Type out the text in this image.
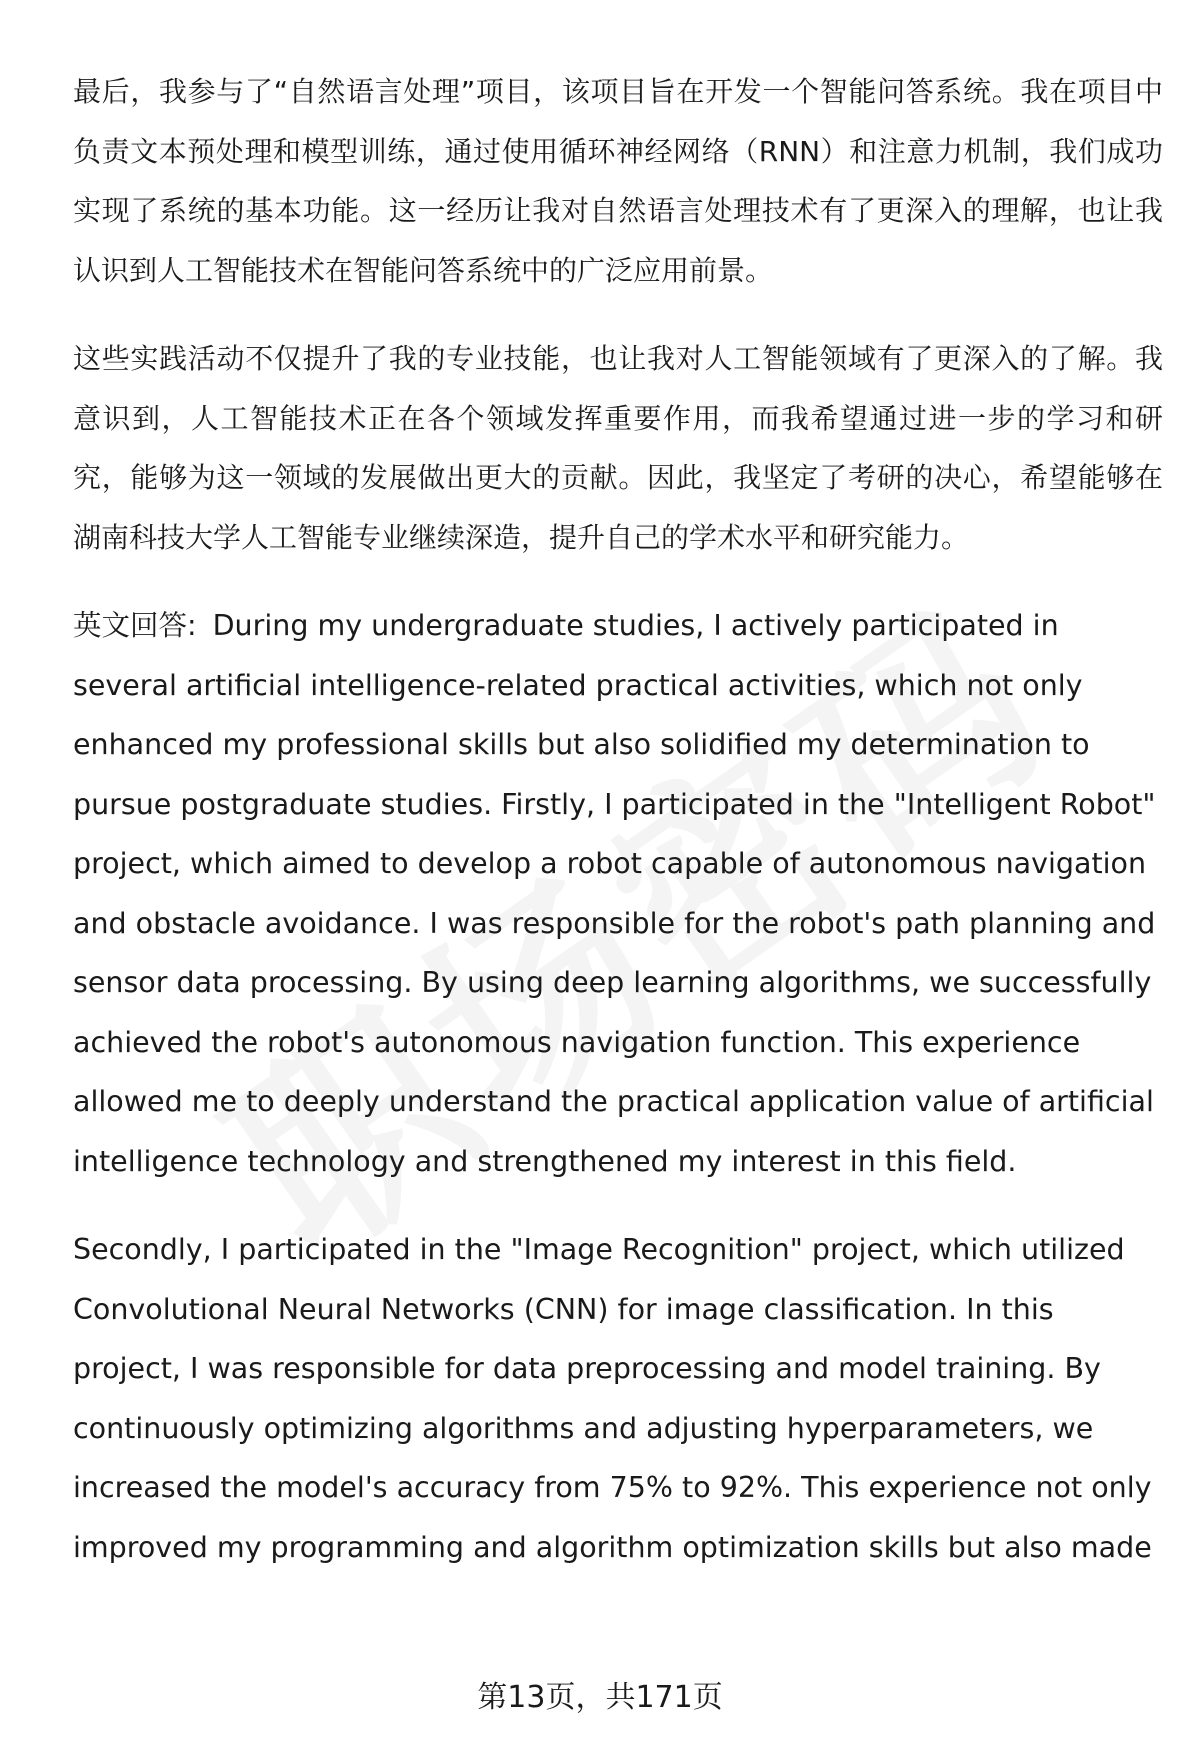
最后，我参与了“自然语言处理”项目，该项目旨在开发一个智能问答系统。我在项目中负责文本预处理和模型训练，通过使用循环神经网络（RNN）和注意力机制，我们成功实现了系统的基本功能。这一经历让我对自然语言处理技术有了更深入的理解，也让我认识到人工智能技术在智能问答系统中的广泛应用前景。

这些实践活动不仅提升了我的专业技能，也让我对人工智能领域有了更深入的了解。我意识到，人工智能技术正在各个领域发挥重要作用，而我希望通过进一步的学习和研究，能够为这一领域的发展做出更大的贡献。因此，我坚定了考研的决心，希望能够在湖南科技大学人工智能专业继续深造，提升自己的学术水平和研究能力。

英文回答: During my undergraduate studies, I actively participated in several artificial intelligence-related practical activities, which not only enhanced my professional skills but also solidified my determination to pursue postgraduate studies. Firstly, I participated in the "Intelligent Robot" project, which aimed to develop a robot capable of autonomous navigation and obstacle avoidance. I was responsible for the robot's path planning and sensor data processing. By using deep learning algorithms, we successfully achieved the robot's autonomous navigation function. This experience allowed me to deeply understand the practical application value of artificial intelligence technology and strengthened my interest in this field.

Secondly, I participated in the "Image Recognition" project, which utilized Convolutional Neural Networks (CNN) for image classification. In this project, I was responsible for data preprocessing and model training. By continuously optimizing algorithms and adjusting hyperparameters, we increased the model's accuracy from 75% to 92%. This experience not only improved my programming and algorithm optimization skills but also made

第13页，共171页
